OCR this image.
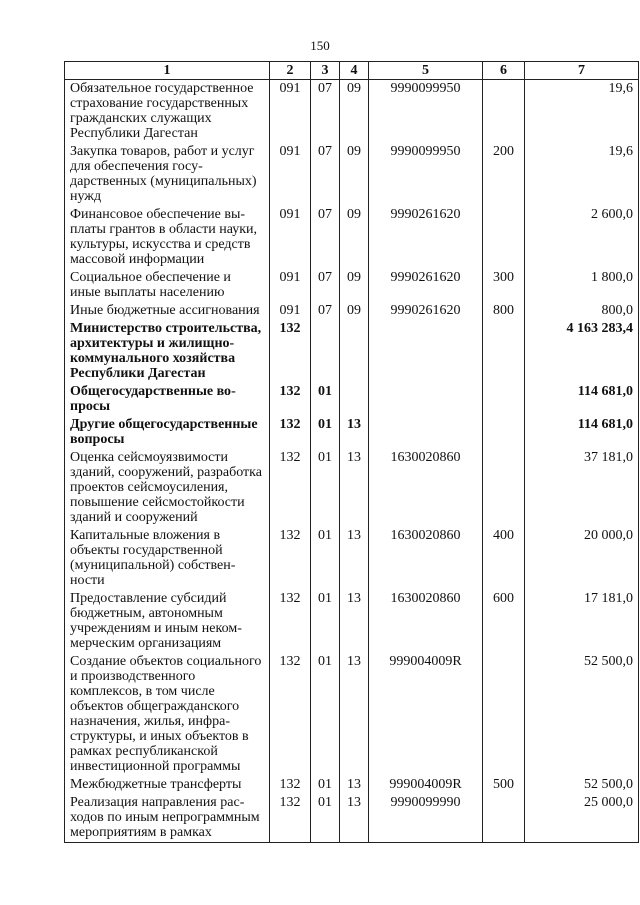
150
1	2	3	4	5	6	7
Обязательное государственное страхование государственных гражданских служащих Республики Дагестан	091	07	09	9990099950		19,6
Закупка товаров, работ и услуг для обеспечения государственных (муниципальных) нужд	091	07	09	9990099950	200	19,6
Финансовое обеспечение выплаты грантов в области науки, культуры, искусства и средств массовой информации	091	07	09	9990261620		2 600,0
Социальное обеспечение и иные выплаты населению	091	07	09	9990261620	300	1 800,0
Иные бюджетные ассигнования	091	07	09	9990261620	800	800,0
Министерство строительства, архитектуры и жилищно-коммунального хозяйства Республики Дагестан	132					4 163 283,4
Общегосударственные вопросы	132	01				114 681,0
Другие общегосударственные вопросы	132	01	13			114 681,0
Оценка сейсмоуязвимости зданий, сооружений, разработка проектов сейсмоусиления, повышение сейсмостойкости зданий и сооружений	132	01	13	1630020860		37 181,0
Капитальные вложения в объекты государственной (муниципальной) собственности	132	01	13	1630020860	400	20 000,0
Предоставление субсидий бюджетным, автономным учреждениям и иным некоммерческим организациям	132	01	13	1630020860	600	17 181,0
Создание объектов социального и производственного комплексов, в том числе объектов общегражданского назначения, жилья, инфраструктуры, и иных объектов в рамках республиканской инвестиционной программы	132	01	13	999004009R		52 500,0
Межбюджетные трансферты	132	01	13	999004009R	500	52 500,0
Реализация направления расходов по иным непрограммным мероприятиям в рамках	132	01	13	9990099990		25 000,0
